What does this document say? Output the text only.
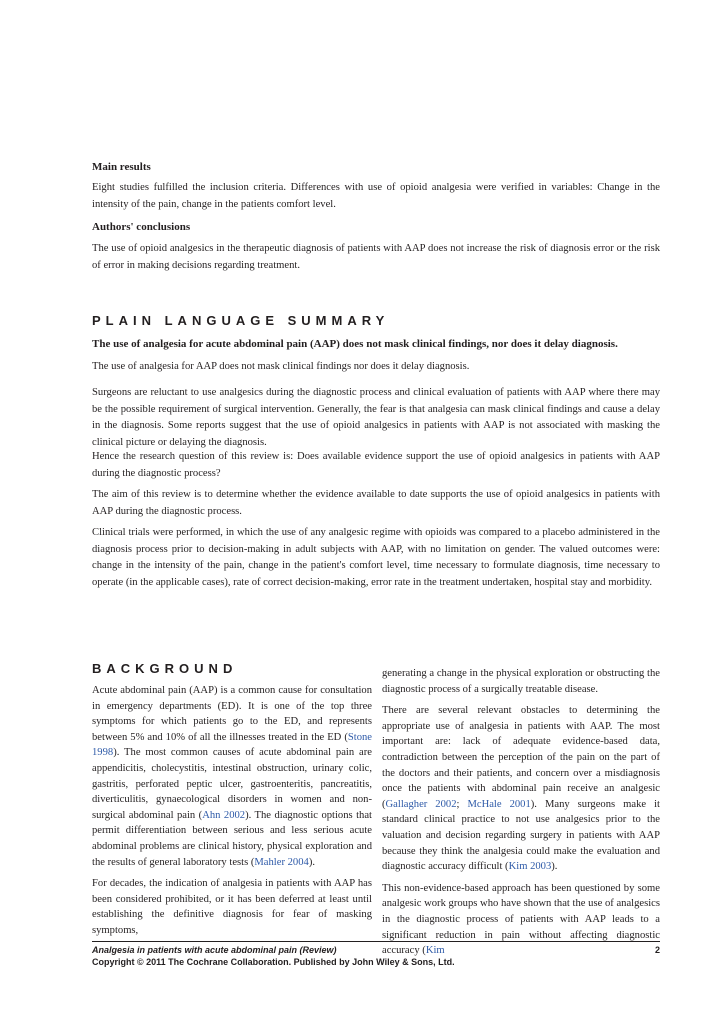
Main results
Eight studies fulfilled the inclusion criteria. Differences with use of opioid analgesia were verified in variables: Change in the intensity of the pain, change in the patients comfort level.
Authors' conclusions
The use of opioid analgesics in the therapeutic diagnosis of patients with AAP does not increase the risk of diagnosis error or the risk of error in making decisions regarding treatment.
PLAIN LANGUAGE SUMMARY
The use of analgesia for acute abdominal pain (AAP) does not mask clinical findings, nor does it delay diagnosis.
The use of analgesia for AAP does not mask clinical findings nor does it delay diagnosis.
Surgeons are reluctant to use analgesics during the diagnostic process and clinical evaluation of patients with AAP where there may be the possible requirement of surgical intervention. Generally, the fear is that analgesia can mask clinical findings and cause a delay in the diagnosis. Some reports suggest that the use of opioid analgesics in patients with AAP is not associated with masking the clinical picture or delaying the diagnosis.
Hence the research question of this review is: Does available evidence support the use of opioid analgesics in patients with AAP during the diagnostic process?
The aim of this review is to determine whether the evidence available to date supports the use of opioid analgesics in patients with AAP during the diagnostic process.
Clinical trials were performed, in which the use of any analgesic regime with opioids was compared to a placebo administered in the diagnosis process prior to decision-making in adult subjects with AAP, with no limitation on gender. The valued outcomes were: change in the intensity of the pain, change in the patient's comfort level, time necessary to formulate diagnosis, time necessary to operate (in the applicable cases), rate of correct decision-making, error rate in the treatment undertaken, hospital stay and morbidity.
BACKGROUND

Acute abdominal pain (AAP) is a common cause for consultation in emergency departments (ED). It is one of the top three symptoms for which patients go to the ED, and represents between 5% and 10% of all the illnesses treated in the ED (Stone 1998). The most common causes of acute abdominal pain are appendicitis, cholecystitis, intestinal obstruction, urinary colic, gastritis, perforated peptic ulcer, gastroenteritis, pancreatitis, diverticulitis, gynaecological disorders in women and non-surgical abdominal pain (Ahn 2002). The diagnostic options that permit differentiation between serious and less serious acute abdominal problems are clinical history, physical exploration and the results of general laboratory tests (Mahler 2004).

For decades, the indication of analgesia in patients with AAP has been considered prohibited, or it has been deferred at least until establishing the definitive diagnosis for fear of masking symptoms,

generating a change in the physical exploration or obstructing the diagnostic process of a surgically treatable disease.

There are several relevant obstacles to determining the appropriate use of analgesia in patients with AAP. The most important are: lack of adequate evidence-based data, contradiction between the perception of the pain on the part of the doctors and their patients, and concern over a misdiagnosis once the patients with abdominal pain receive an analgesic (Gallagher 2002; McHale 2001). Many surgeons make it standard clinical practice to not use analgesics prior to the valuation and decision regarding surgery in patients with AAP because they think the analgesia could make the evaluation and diagnostic accuracy difficult (Kim 2003).

This non-evidence-based approach has been questioned by some analgesic work groups who have shown that the use of analgesics in the diagnostic process of patients with AAP leads to a significant reduction in pain without affecting diagnostic accuracy (Kim

Analgesia in patients with acute abdominal pain (Review)	2
Copyright © 2011 The Cochrane Collaboration. Published by John Wiley & Sons, Ltd.
